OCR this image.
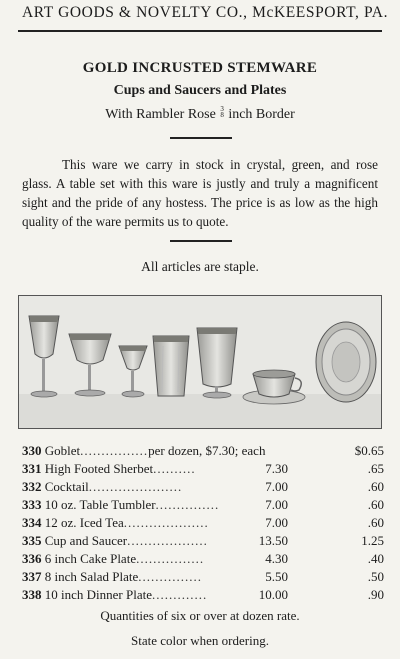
ART GOODS & NOVELTY CO., McKEESPORT, PA.
GOLD INCRUSTED STEMWARE
Cups and Saucers and Plates
With Rambler Rose 3
8 inch Border
This ware we carry in stock in crystal, green, and rose glass. A table set with this ware is justly and truly a magnificent sight and the pride of any hostess. The price is as low as the high quality of the ware permits us to quote.
All articles are staple.
330 Goblet................per dozen, $7.30; each	$0.65
331 High Footed Sherbet..........	7.30	.65
332 Cocktail......................	7.00	.60
333 10 oz. Table Tumbler...............	7.00	.60
334 12 oz. Iced Tea....................	7.00	.60
335 Cup and Saucer...................	13.50	1.25
336 6 inch Cake Plate................	4.30	.40
337 8 inch Salad Plate...............	5.50	.50
338 10 inch Dinner Plate.............	10.00	.90
Quantities of six or over at dozen rate.
State color when ordering.
